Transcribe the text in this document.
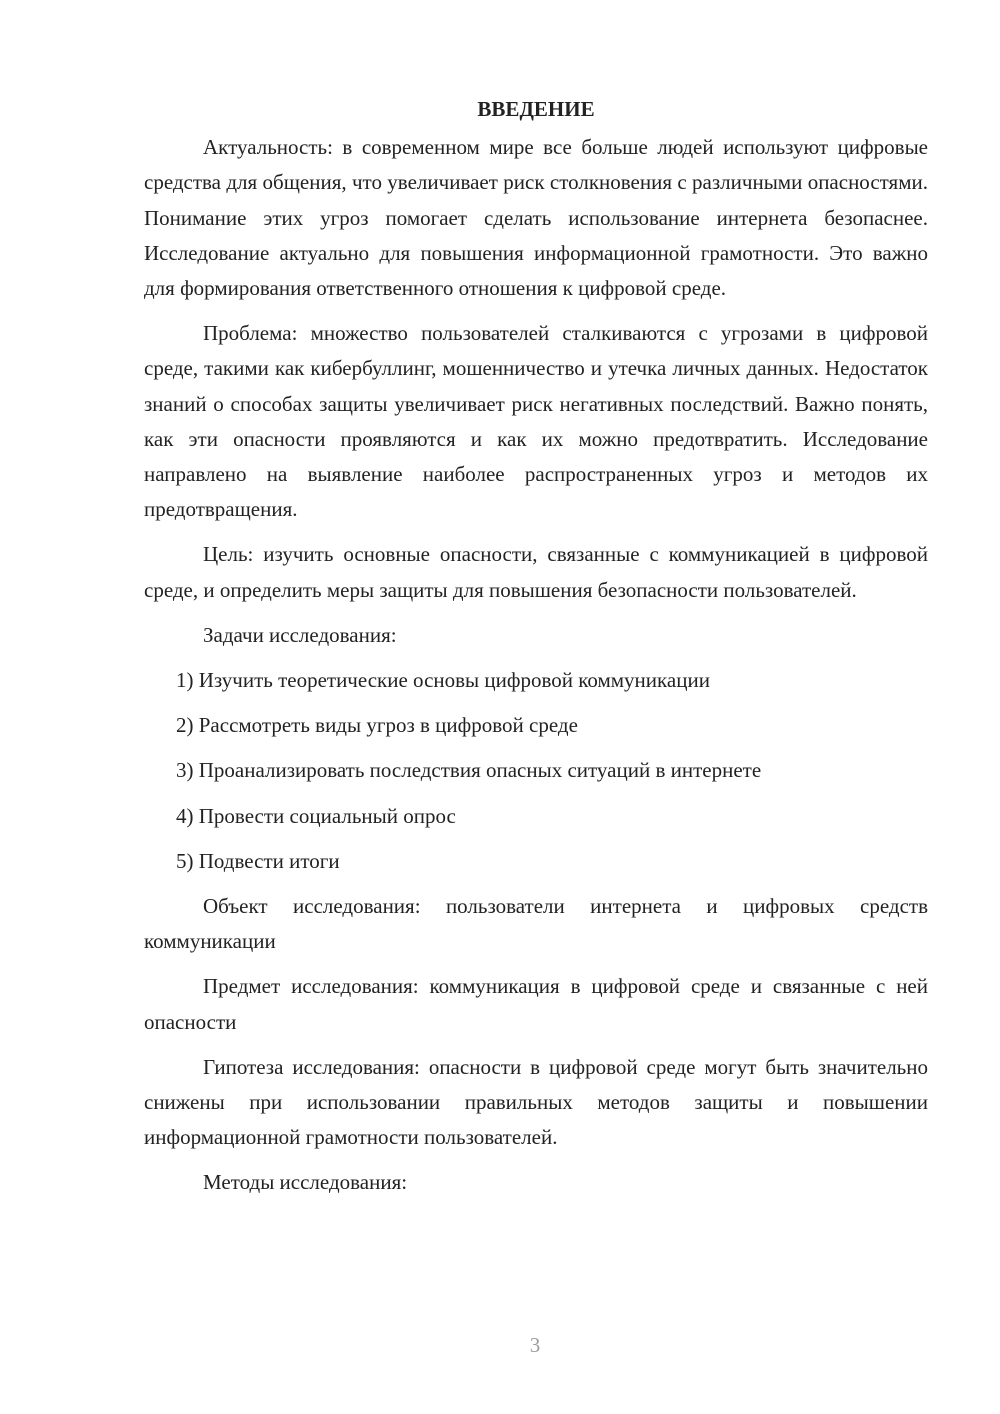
ВВЕДЕНИЕ

Актуальность: в современном мире все больше людей используют цифровые средства для общения, что увеличивает риск столкновения с различными опасностями. Понимание этих угроз помогает сделать использование интернета безопаснее. Исследование актуально для повышения информационной грамотности. Это важно для формирования ответственного отношения к цифровой среде.

Проблема: множество пользователей сталкиваются с угрозами в цифровой среде, такими как кибербуллинг, мошенничество и утечка личных данных. Недостаток знаний о способах защиты увеличивает риск негативных последствий. Важно понять, как эти опасности проявляются и как их можно предотвратить. Исследование направлено на выявление наиболее распространенных угроз и методов их предотвращения.

Цель: изучить основные опасности, связанные с коммуникацией в цифровой среде, и определить меры защиты для повышения безопасности пользователей.

Задачи исследования:

1) Изучить теоретические основы цифровой коммуникации
2) Рассмотреть виды угроз в цифровой среде
3) Проанализировать последствия опасных ситуаций в интернете
4) Провести социальный опрос
5) Подвести итоги

Объект исследования: пользователи интернета и цифровых средств коммуникации

Предмет исследования: коммуникация в цифровой среде и связанные с ней опасности

Гипотеза исследования: опасности в цифровой среде могут быть значительно снижены при использовании правильных методов защиты и повышении информационной грамотности пользователей.

Методы исследования:

3
